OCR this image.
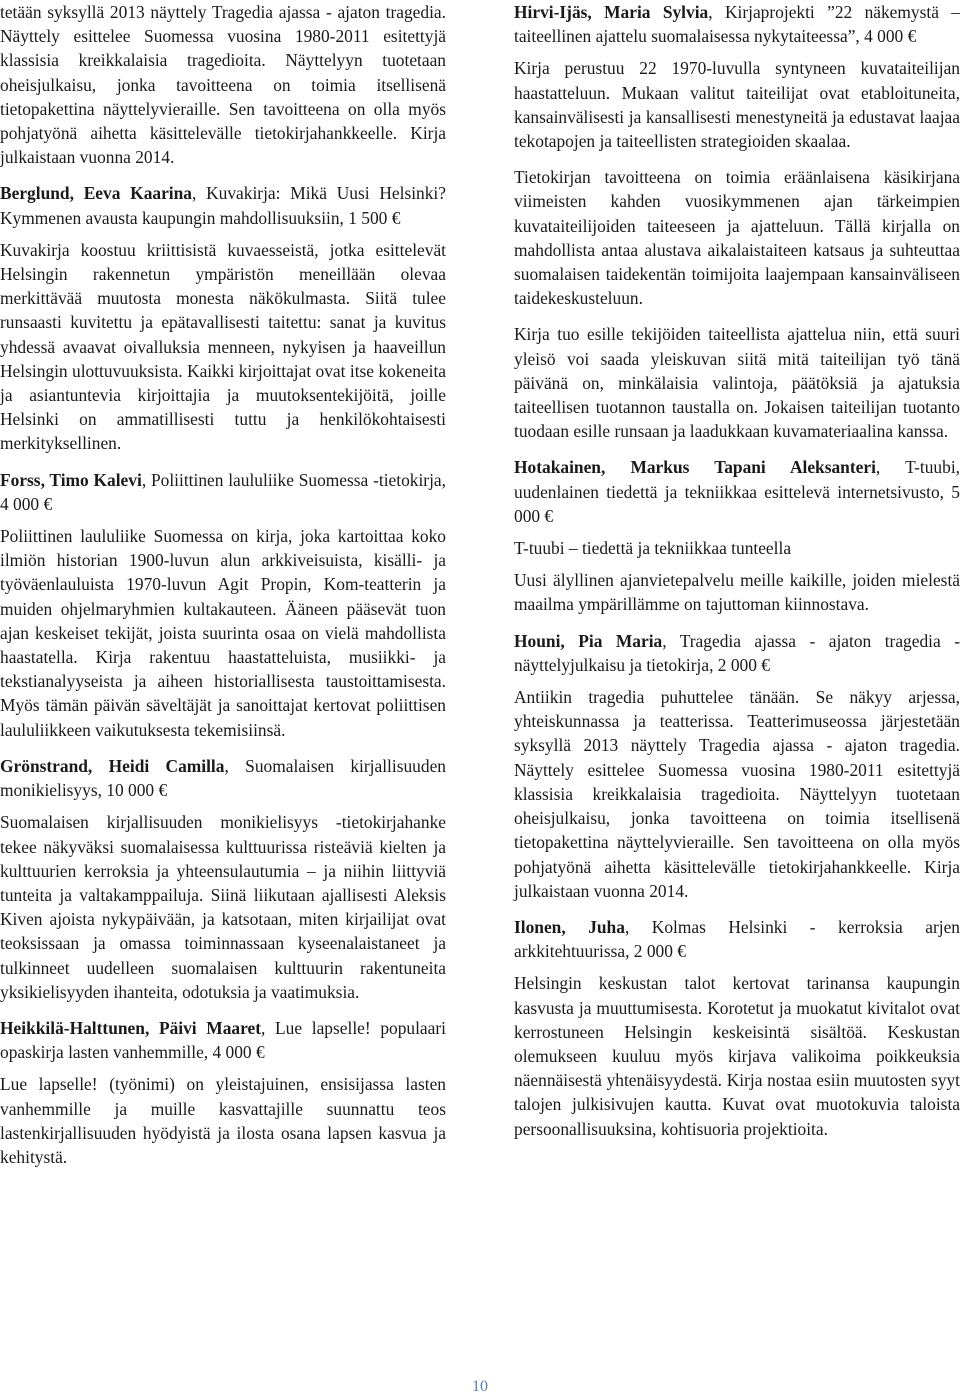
tetään syksyllä 2013 näyttely Tragedia ajassa - ajaton tragedia. Näyttely esittelee Suomessa vuosina 1980-2011 esitettyjä klassisia kreikkalaisia tragedioita. Näyttelyyn tuotetaan oheisjulkaisu, jonka tavoitteena on toimia itsellisenä tietopakettina näyttelyvieraille. Sen tavoitteena on olla myös pohjatyönä aihetta käsittelevälle tietokirjahankkeelle. Kirja julkaistaan vuonna 2014.

Berglund, Eeva Kaarina, Kuvakirja: Mikä Uusi Helsinki? Kymmenen avausta kaupungin mahdollisuuksiin, 1 500 €

Kuvakirja koostuu kriittisistä kuvaesseistä, jotka esittelevät Helsingin rakennetun ympäristön meneillään olevaa merkittävää muutosta monesta näkökulmasta. Siitä tulee runsaasti kuvitettu ja epätavallisesti taitettu: sanat ja kuvitus yhdessä avaavat oivalluksia menneen, nykyisen ja haaveillun Helsingin ulottuvuuksista. Kaikki kirjoittajat ovat itse kokeneita ja asiantuntevia kirjoittajia ja muutoksentekijöitä, joille Helsinki on ammatillisesti tuttu ja henkilökohtaisesti merkityksellinen.

Forss, Timo Kalevi, Poliittinen laululiike Suomessa -tietokirja, 4 000 €

Poliittinen laululiike Suomessa on kirja, joka kartoittaa koko ilmiön historian 1900-luvun alun arkkiveisuista, kisälli- ja työväenlauluista 1970-luvun Agit Propin, Kom-teatterin ja muiden ohjelmaryhmien kultakauteen. Ääneen pääsevät tuon ajan keskeiset tekijät, joista suurinta osaa on vielä mahdollista haastatella. Kirja rakentuu haastatteluista, musiikki- ja tekstianalyyseista ja aiheen historiallisesta taustoittamisesta. Myös tämän päivän säveltäjät ja sanoittajat kertovat poliittisen laululiikkeen vaikutuksesta tekemisiinsä.

Grönstrand, Heidi Camilla, Suomalaisen kirjallisuuden monikielisyys, 10 000 €

Suomalaisen kirjallisuuden monikielisyys -tietokirjahanke tekee näkyväksi suomalaisessa kulttuurissa risteäviä kielten ja kulttuurien kerroksia ja yhteensulautumia – ja niihin liittyviä tunteita ja valtakamppailuja. Siinä liikutaan ajallisesti Aleksis Kiven ajoista nykypäivään, ja katsotaan, miten kirjailijat ovat teoksissaan ja omassa toiminnassaan kyseenalaistaneet ja tulkinneet uudelleen suomalaisen kulttuurin rakentuneita yksikielisyyden ihanteita, odotuksia ja vaatimuksia.

Heikkilä-Halttunen, Päivi Maaret, Lue lapselle! populaari opaskirja lasten vanhemmille, 4 000 €

Lue lapselle! (työnimi) on yleistajuinen, ensisijassa lasten vanhemmille ja muille kasvattajille suunnattu teos lastenkirjallisuuden hyödyistä ja ilosta osana lapsen kasvua ja kehitystä.

Hirvi-Ijäs, Maria Sylvia, Kirjaprojekti ”22 näkemystä – taiteellinen ajattelu suomalaisessa nykytaiteessa”, 4 000 €

Kirja perustuu 22 1970-luvulla syntyneen kuvataiteilijan haastatteluun. Mukaan valitut taiteilijat ovat etabloituneita, kansainvälisesti ja kansallisesti menestyneitä ja edustavat laajaa tekotapojen ja taiteellisten strategioiden skaalaa.

Tietokirjan tavoitteena on toimia eräänlaisena käsikirjana viimeisten kahden vuosikymmenen ajan tärkeimpien kuvataiteilijoiden taiteeseen ja ajatteluun. Tällä kirjalla on mahdollista antaa alustava aikalaistaiteen katsaus ja suhteuttaa suomalaisen taidekentän toimijoita laajempaan kansainväliseen taidekeskusteluun.

Kirja tuo esille tekijöiden taiteellista ajattelua niin, että suuri yleisö voi saada yleiskuvan siitä mitä taiteilijan työ tänä päivänä on, minkälaisia valintoja, päätöksiä ja ajatuksia taiteellisen tuotannon taustalla on. Jokaisen taiteilijan tuotanto tuodaan esille runsaan ja laadukkaan kuvamateriaalina kanssa.

Hotakainen, Markus Tapani Aleksanteri, T-tuubi, uudenlainen tiedettä ja tekniikkaa esittelevä internetsivusto, 5 000 €

T-tuubi – tiedettä ja tekniikkaa tunteella

Uusi älyllinen ajanvietepalvelu meille kaikille, joiden mielestä maailma ympärillämme on tajuttoman kiinnostava.

Houni, Pia Maria, Tragedia ajassa - ajaton tragedia -näyttelyjulkaisu ja tietokirja, 2 000 €

Antiikin tragedia puhuttelee tänään. Se näkyy arjessa, yhteiskunnassa ja teatterissa. Teatterimuseossa järjestetään syksyllä 2013 näyttely Tragedia ajassa - ajaton tragedia. Näyttely esittelee Suomessa vuosina 1980-2011 esitettyjä klassisia kreikkalaisia tragedioita. Näyttelyyn tuotetaan oheisjulkaisu, jonka tavoitteena on toimia itsellisenä tietopakettina näyttelyvieraille. Sen tavoitteena on olla myös pohjatyönä aihetta käsittelevälle tietokirjahankkeelle. Kirja julkaistaan vuonna 2014.

Ilonen, Juha, Kolmas Helsinki - kerroksia arjen arkkitehtuurissa, 2 000 €

Helsingin keskustan talot kertovat tarinansa kaupungin kasvusta ja muuttumisesta. Korotetut ja muokatut kivitalot ovat kerrostuneen Helsingin keskeisintä sisältöä. Keskustan olemukseen kuuluu myös kirjava valikoima poikkeuksia näennäisestä yhtenäisyydestä. Kirja nostaa esiin muutosten syyt talojen julkisivujen kautta. Kuvat ovat muotokuvia taloista persoonallisuuksina, kohtisuoria projektioita.

10
